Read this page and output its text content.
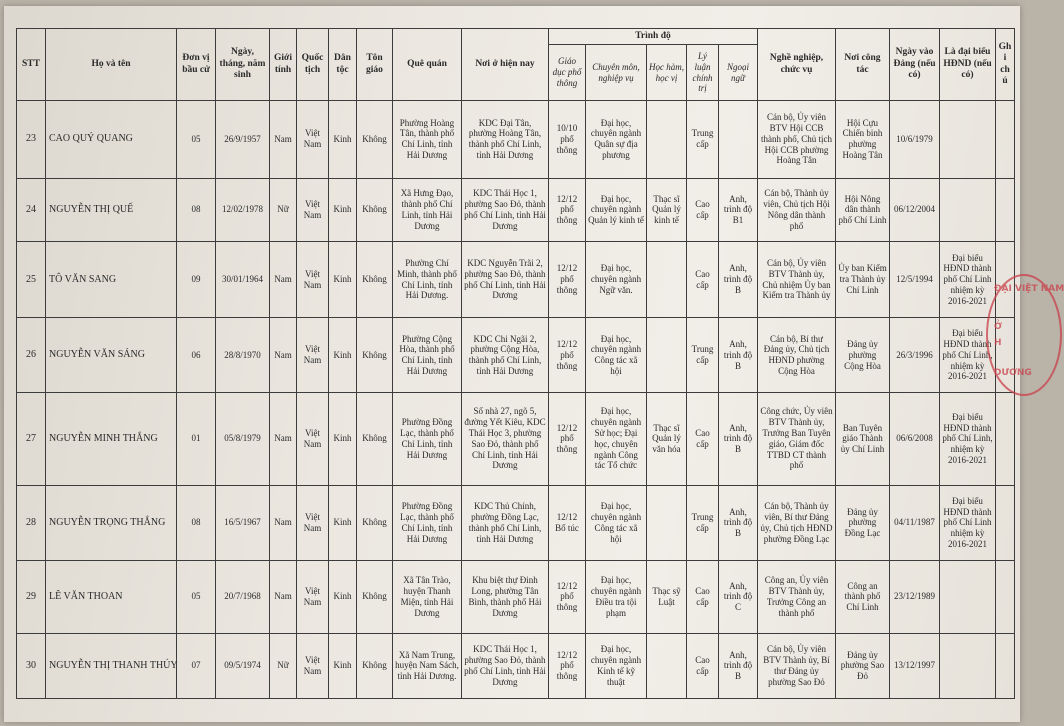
STT	Họ và tên	Đơn vị bầu cử	Ngày, tháng, năm sinh	Giới tính	Quốc tịch	Dân tộc	Tôn giáo	Quê quán	Nơi ở hiện nay	Trình độ					Nghề nghiệp, chức vụ	Nơi công tác	Ngày vào Đảng (nếu có)	Là đại biểu HĐND (nếu có)	Ghi chú
										Giáo dục phổ thông	Chuyên môn, nghiệp vụ	Học hàm, học vị	Lý luận chính trị	Ngoại ngữ					
23	CAO QUÝ QUANG	05	26/9/1957	Nam	Việt Nam	Kinh	Không	Phường Hoàng Tân, thành phố Chí Linh, tỉnh Hải Dương	KDC Đại Tân, phường Hoàng Tân, thành phố Chí Linh, tỉnh Hải Dương	10/10 phổ thông	Đại học, chuyên ngành Quân sự địa phương		Trung cấp		Cán bộ, Ủy viên BTV Hội CCB thành phố, Chủ tịch Hội CCB phường Hoàng Tân	Hội Cựu Chiến binh phường Hoàng Tân	10/6/1979		
24	NGUYỄN THỊ QUẾ	08	12/02/1978	Nữ	Việt Nam	Kinh	Không	Xã Hưng Đạo, thành phố Chí Linh, tỉnh Hải Dương	KDC Thái Học 1, phường Sao Đỏ, thành phố Chí Linh, tỉnh Hải Dương	12/12 phổ thông	Đại học, chuyên ngành Quản lý kinh tế	Thạc sĩ Quản lý kinh tế	Cao cấp	Anh, trình độ B1	Cán bộ, Thành ủy viên, Chủ tịch Hội Nông dân thành phố	Hội Nông dân thành phố Chí Linh	06/12/2004		
25	TÔ VĂN SANG	09	30/01/1964	Nam	Việt Nam	Kinh	Không	Phường Chí Minh, thành phố Chí Linh, tỉnh Hải Dương.	KDC Nguyễn Trãi 2, phường Sao Đỏ, thành phố Chí Linh, tỉnh Hải Dương	12/12 phổ thông	Đại học, chuyên ngành Ngữ văn.		Cao cấp	Anh, trình độ B	Cán bộ, Ủy viên BTV Thành ủy, Chủ nhiệm Ủy ban Kiểm tra Thành ủy	Ủy ban Kiểm tra Thành ủy Chí Linh	12/5/1994	Đại biểu HĐND thành phố Chí Linh nhiệm kỳ 2016-2021	
26	NGUYỄN VĂN SÁNG	06	28/8/1970	Nam	Việt Nam	Kinh	Không	Phường Cộng Hòa, thành phố Chí Linh, tỉnh Hải Dương	KDC Chi Ngãi 2, phường Cộng Hòa, thành phố Chí Linh, tỉnh Hải Dương	12/12 phổ thông	Đại học, chuyên ngành Công tác xã hội		Trung cấp	Anh, trình độ B	Cán bộ, Bí thư Đảng ủy, Chủ tịch HĐND phường Cộng Hòa	Đảng ủy phường Cộng Hòa	26/3/1996	Đại biểu HĐND thành phố Chí Linh, nhiệm kỳ 2016-2021	
27	NGUYỄN MINH THẮNG	01	05/8/1979	Nam	Việt Nam	Kinh	Không	Phường Đồng Lạc, thành phố Chí Linh, tỉnh Hải Dương	Số nhà 27, ngõ 5, đường Yết Kiêu, KDC Thái Học 3, phường Sao Đỏ, thành phố Chí Linh, tỉnh Hải Dương	12/12 phổ thông	Đại học, chuyên ngành Sử học; Đại học, chuyên ngành Công tác Tổ chức	Thạc sĩ Quản lý văn hóa	Cao cấp	Anh, trình độ B	Công chức, Ủy viên BTV Thành ủy, Trưởng Ban Tuyên giáo, Giám đốc TTBD CT thành phố	Ban Tuyên giáo Thành ủy Chí Linh	06/6/2008	Đại biểu HĐND thành phố Chí Linh, nhiệm kỳ 2016-2021	
28	NGUYỄN TRỌNG THẮNG	08	16/5/1967	Nam	Việt Nam	Kinh	Không	Phường Đồng Lạc, thành phố Chí Linh, tỉnh Hải Dương	KDC Thủ Chính, phường Đồng Lạc, thành phố Chí Linh, tỉnh Hải Dương	12/12 Bổ túc	Đại học, chuyên ngành Công tác xã hội		Trung cấp	Anh, trình độ B	Cán bộ, Thành ủy viên, Bí thư Đảng ủy, Chủ tịch HĐND phường Đồng Lạc	Đảng ủy phường Đồng Lạc	04/11/1987	Đại biểu HĐND thành phố Chí Linh nhiệm kỳ 2016-2021	
29	LÊ VĂN THOAN	05	20/7/1968	Nam	Việt Nam	Kinh	Không	Xã Tân Trào, huyện Thanh Miện, tỉnh Hải Dương	Khu biệt thự Đinh Long, phường Tân Bình, thành phố Hải Dương	12/12 phổ thông	Đại học, chuyên ngành Điều tra tội phạm	Thạc sỹ Luật	Cao cấp	Anh, trình độ C	Công an, Ủy viên BTV Thành ủy, Trưởng Công an thành phố	Công an thành phố Chí Linh	23/12/1989		
30	NGUYỄN THỊ THANH THÚY	07	09/5/1974	Nữ	Việt Nam	Kinh	Không	Xã Nam Trung, huyện Nam Sách, tỉnh Hải Dương.	KDC Thái Học 1, phường Sao Đỏ, thành phố Chí Linh, tỉnh Hải Dương	12/12 phổ thông	Đại học, chuyên ngành Kinh tế kỹ thuật		Cao cấp	Anh, trình độ B	Cán bộ, Ủy viên BTV Thành ủy, Bí thư Đảng ủy phường Sao Đỏ	Đảng ủy phường Sao Đỏ	13/12/1997		
ĐẠI VIỆT NAM
Ở
H
DƯƠNG
